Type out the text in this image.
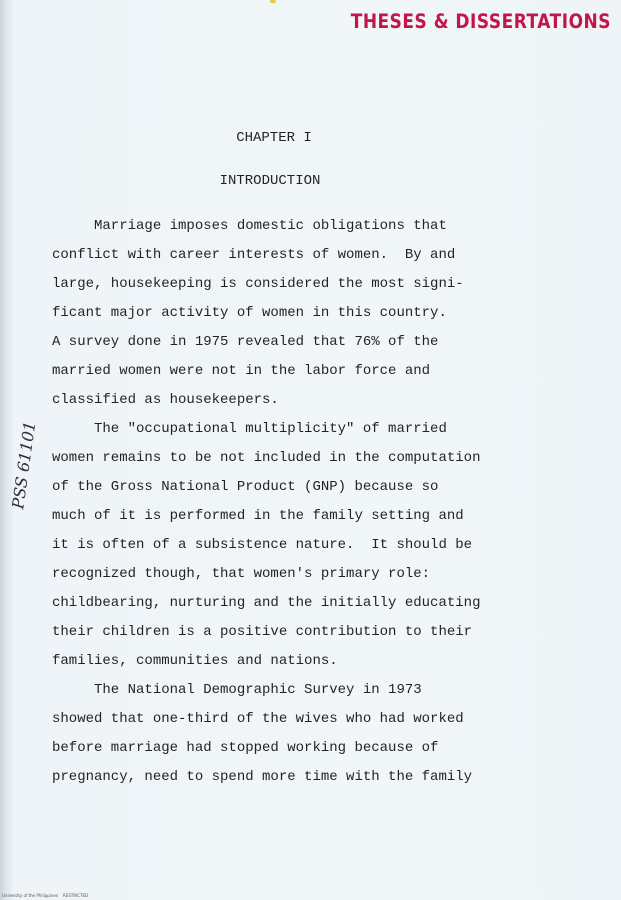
THESES & DISSERTATIONS
CHAPTER I
INTRODUCTION
PSS 61101
Marriage imposes domestic obligations that
conflict with career interests of women.  By and
large, housekeeping is considered the most signi-
ficant major activity of women in this country.
A survey done in 1975 revealed that 76% of the
married women were not in the labor force and
classified as housekeepers.
The "occupational multiplicity" of married
women remains to be not included in the computation
of the Gross National Product (GNP) because so
much of it is performed in the family setting and
it is often of a subsistence nature.  It should be
recognized though, that women's primary role:
childbearing, nurturing and the initially educating
their children is a positive contribution to their
families, communities and nations.
The National Demographic Survey in 1973
showed that one-third of the wives who had worked
before marriage had stopped working because of
pregnancy, need to spend more time with the family
University of the Philippines    RESTRICTED
